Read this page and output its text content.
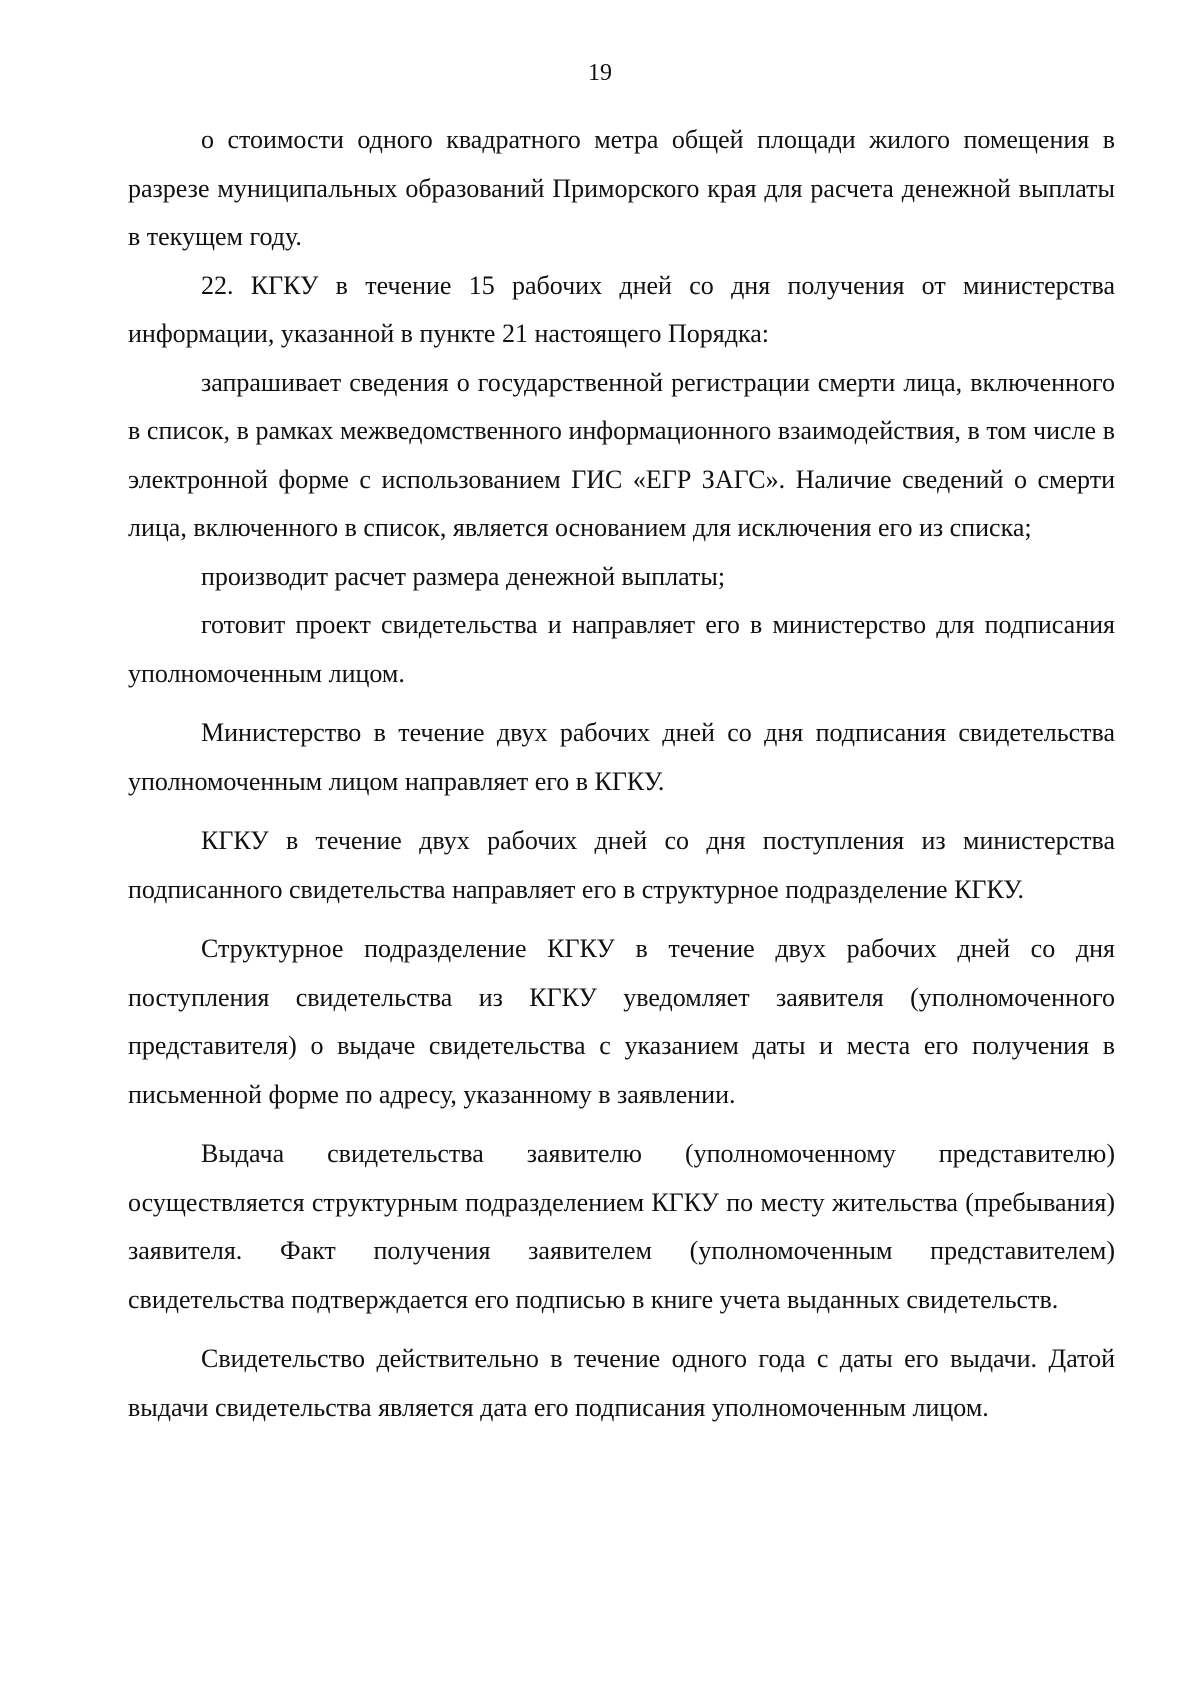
19

о стоимости одного квадратного метра общей площади жилого помещения в разрезе муниципальных образований Приморского края для расчета денежной выплаты в текущем году.

22. КГКУ в течение 15 рабочих дней со дня получения от министерства информации, указанной в пункте 21 настоящего Порядка:

запрашивает сведения о государственной регистрации смерти лица, включенного в список, в рамках межведомственного информационного взаимодействия, в том числе в электронной форме с использованием ГИС «ЕГР ЗАГС». Наличие сведений о смерти лица, включенного в список, является основанием для исключения его из списка;

производит расчет размера денежной выплаты;

готовит проект свидетельства и направляет его в министерство для подписания уполномоченным лицом.

Министерство в течение двух рабочих дней со дня подписания свидетельства уполномоченным лицом направляет его в КГКУ.

КГКУ в течение двух рабочих дней со дня поступления из министерства подписанного свидетельства направляет его в структурное подразделение КГКУ.

Структурное подразделение КГКУ в течение двух рабочих дней со дня поступления свидетельства из КГКУ уведомляет заявителя (уполномоченного представителя) о выдаче свидетельства с указанием даты и места его получения в письменной форме по адресу, указанному в заявлении.

Выдача свидетельства заявителю (уполномоченному представителю) осуществляется структурным подразделением КГКУ по месту жительства (пребывания) заявителя. Факт получения заявителем (уполномоченным представителем) свидетельства подтверждается его подписью в книге учета выданных свидетельств.

Свидетельство действительно в течение одного года с даты его выдачи. Датой выдачи свидетельства является дата его подписания уполномоченным лицом.
